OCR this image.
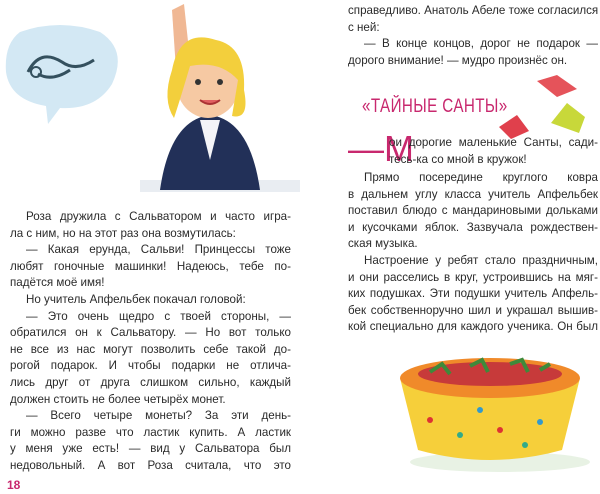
Роза дружила с Сальватором и часто игра-
ла с ним, но на этот раз она возмутилась:
— Какая ерунда, Сальви! Принцессы тоже
любят гоночные машинки! Надеюсь, тебе по-
падётся моё имя!
Но учитель Апфельбек покачал головой:
— Это очень щедро с твоей стороны, —
обратился он к Сальватору. — Но вот только
не все из нас могут позволить себе такой до-
рогой подарок. И чтобы подарки не отлича-
лись друг от друга слишком сильно, каждый
должен стоить не более четырёх монет.
— Всего четыре монеты? За эти день-
ги можно разве что ластик купить. А ластик
у меня уже есть! — вид у Сальватора был
недовольный. А вот Роза считала, что это
справедливо. Анатоль Абеле тоже согласился
с ней:
— В конце концов, дорог не подарок —
дорого внимание! — мудро произнёс он.
«ТАЙНЫЕ САНТЫ»
—М
ои дорогие маленькие Санты, сади-
тесь-ка со мной в кружок!
Прямо посередине круглого ковра
в дальнем углу класса учитель Апфельбек
поставил блюдо с мандариновыми дольками
и кусочками яблок. Зазвучала рождествен-
ская музыка.
Настроение у ребят стало праздничным,
и они расселись в круг, устроившись на мяг-
ких подушках. Эти подушки учитель Апфель-
бек собственноручно шил и украшал вышив-
кой специально для каждого ученика. Он был
18
